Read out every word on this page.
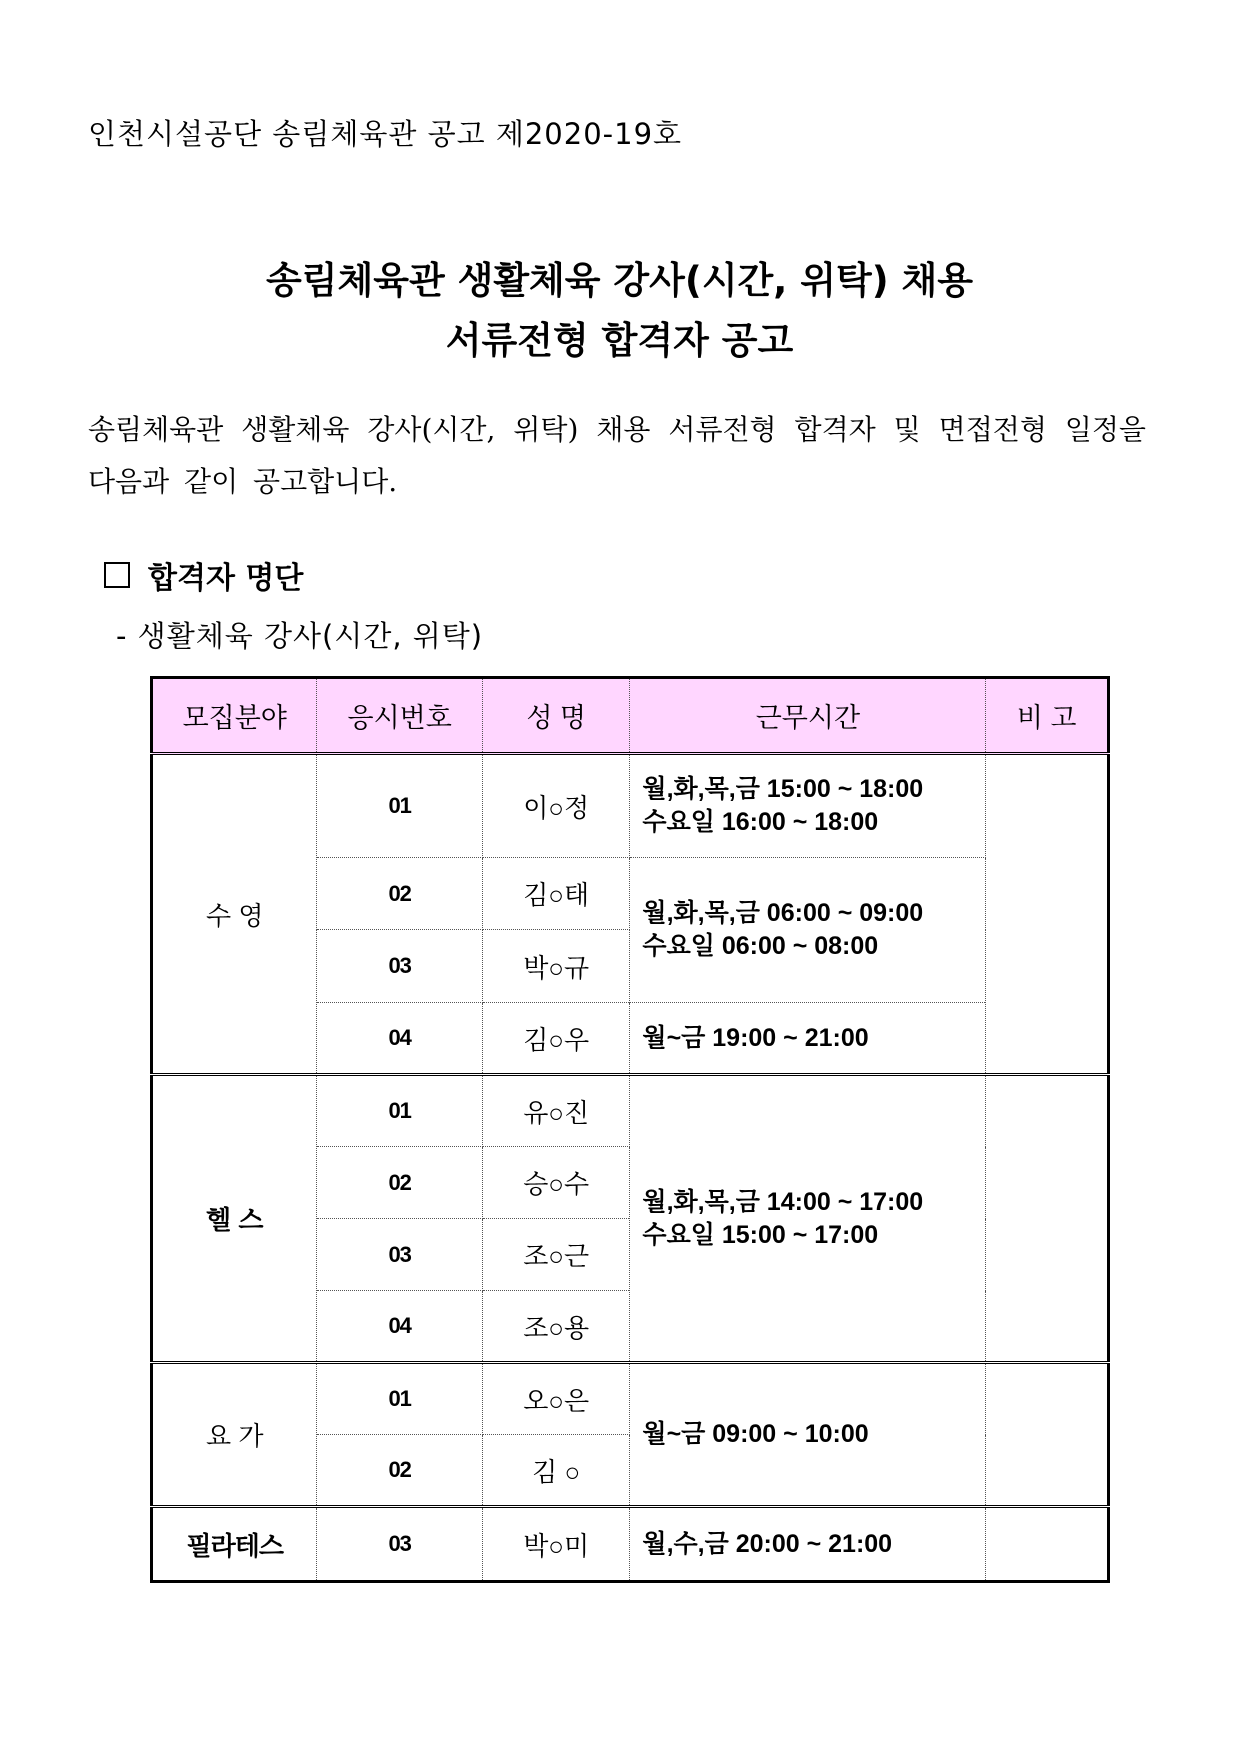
인천시설공단 송림체육관 공고 제2020-19호
송림체육관 생활체육 강사(시간, 위탁) 채용
서류전형 합격자 공고
송림체육관 생활체육 강사(시간, 위탁) 채용 서류전형 합격자 및 면접전형 일정을 다음과 같이 공고합니다.
합격자 명단
- 생활체육 강사(시간, 위탁)
모집분야	응시번호	성 명	근무시간	비 고
수 영	01	이○정	월,화,목,금 15:00 ~ 18:00
수요일 16:00 ~ 18:00	

	02	김○태	월,화,목,금 06:00 ~ 09:00
수요일 06:00 ~ 08:00	

	03	박○규		
	04	김○우	월~금 19:00 ~ 21:00	

헬 스	01	유○진	월,화,목,금 14:00 ~ 17:00
수요일 15:00 ~ 17:00	

	02	승○수		
	03	조○근		
	04	조○용		
요 가	01	오○은	월~금 09:00 ~ 10:00	

	02	김 ○		
필라테스	03	박○미	월,수,금 20:00 ~ 21:00	
